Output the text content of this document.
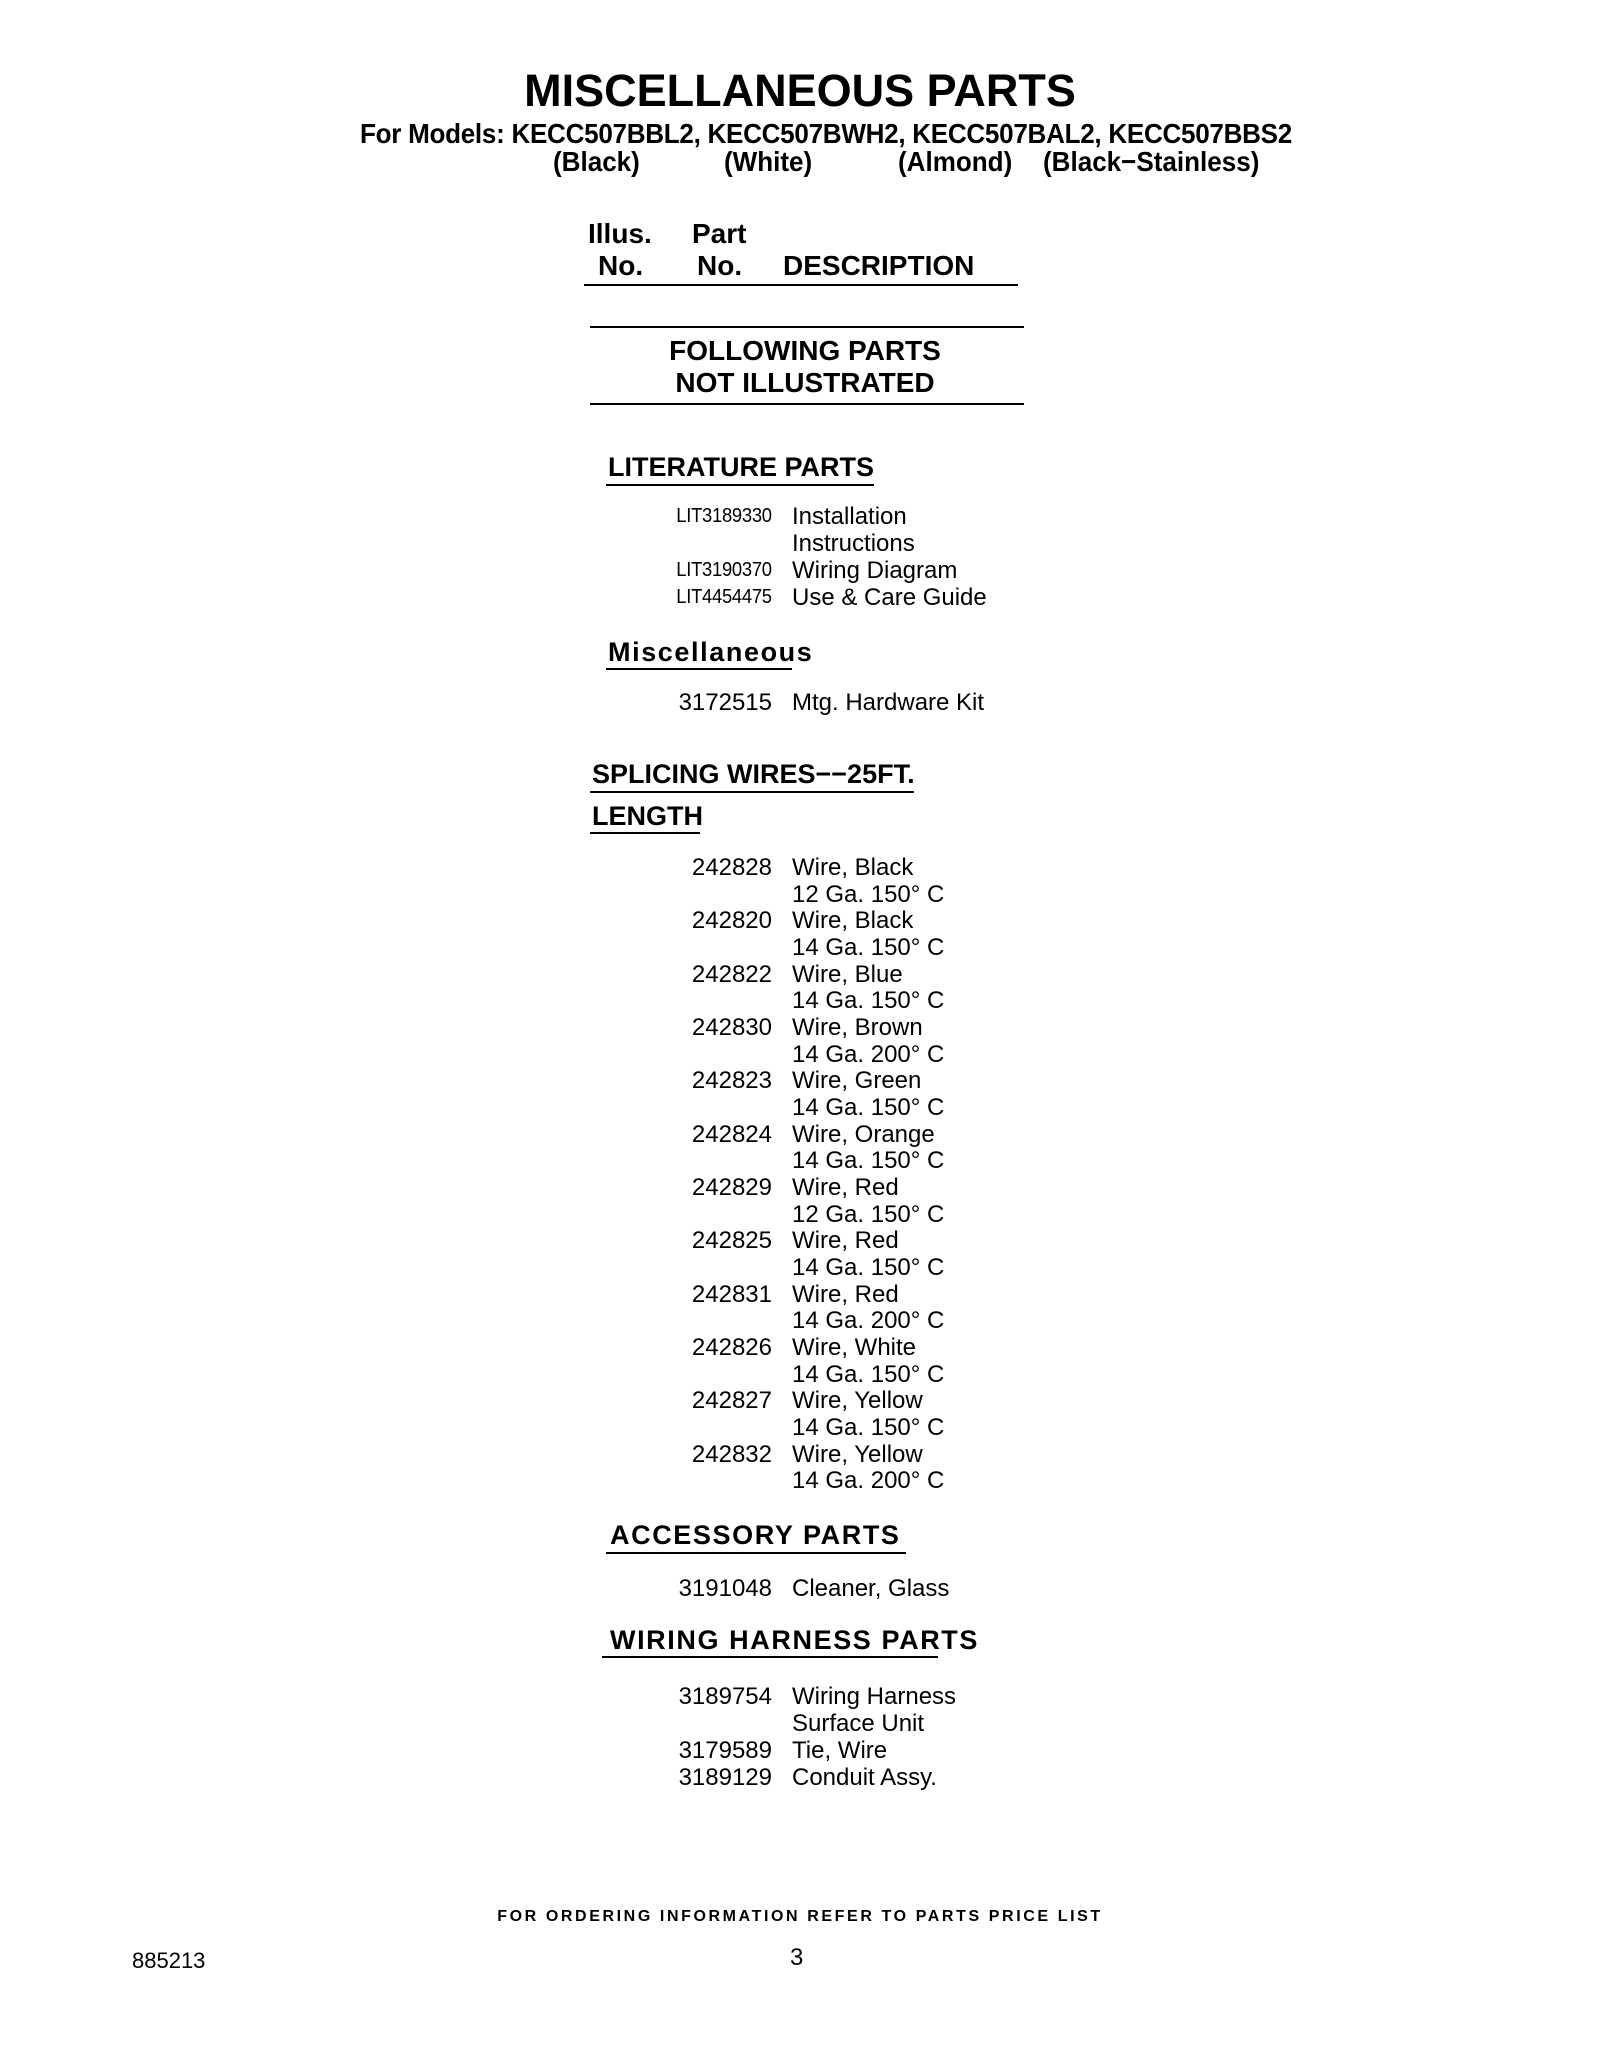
MISCELLANEOUS PARTS
For Models: KECC507BBL2, KECC507BWH2, KECC507BAL2, KECC507BBS2
(Black)	(White)	(Almond) (Black−Stainless)
Illus.
No.
Part
No. DESCRIPTION
FOLLOWING PARTS
NOT ILLUSTRATED
LITERATURE PARTS
LIT3189330 Installation
Instructions
LIT3190370 Wiring Diagram
LIT4454475 Use & Care Guide
Miscellaneous
3172515 Mtg. Hardware Kit
SPLICING WIRES−−25FT.
LENGTH
242828 Wire, Black
12 Ga. 150° C
242820 Wire, Black
14 Ga. 150° C
242822 Wire, Blue
14 Ga. 150° C
242830 Wire, Brown
14 Ga. 200° C
242823 Wire, Green
14 Ga. 150° C
242824 Wire, Orange
14 Ga. 150° C
242829 Wire, Red
12 Ga. 150° C
242825 Wire, Red
14 Ga. 150° C
242831 Wire, Red
14 Ga. 200° C
242826 Wire, White
14 Ga. 150° C
242827 Wire, Yellow
14 Ga. 150° C
242832 Wire, Yellow
14 Ga. 200° C
ACCESSORY PARTS
3191048 Cleaner, Glass
WIRING HARNESS PARTS
3189754 Wiring Harness
Surface Unit
3179589 Tie, Wire
3189129 Conduit Assy.
FOR ORDERING INFORMATION REFER TO PARTS PRICE LIST
885213	3
